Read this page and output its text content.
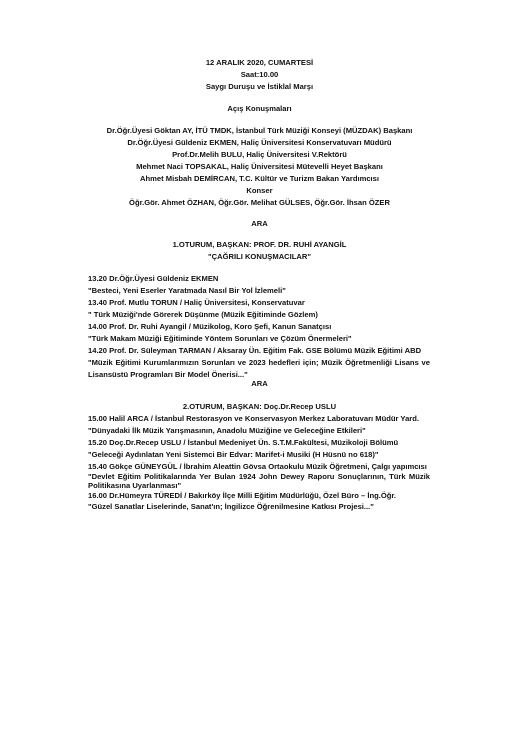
12 ARALIK 2020, CUMARTESİ
Saat:10.00
Saygı Duruşu ve İstiklal Marşı
Açış Konuşmaları
Dr.Öğr.Üyesi Göktan AY, İTÜ TMDK, İstanbul Türk Müziği Konseyi (MÜZDAK) Başkanı
Dr.Öğr.Üyesi Güldeniz EKMEN, Haliç Üniversitesi Konservatuvarı Müdürü
Prof.Dr.Melih BULU, Haliç Üniversitesi V.Rektörü
Mehmet Naci TOPSAKAL, Haliç Üniversitesi Mütevelli Heyet Başkanı
Ahmet Misbah DEMİRCAN, T.C. Kültür ve Turizm Bakan Yardımcısı
Konser
Öğr.Gör. Ahmet ÖZHAN, Öğr.Gör. Melihat GÜLSES, Öğr.Gör. İhsan ÖZER
ARA
1.OTURUM, BAŞKAN: PROF. DR. RUHİ AYANGİL
"ÇAĞRILI KONUŞMACILAR"
13.20 Dr.Öğr.Üyesi Güldeniz EKMEN
"Besteci, Yeni Eserler Yaratmada Nasıl Bir Yol İzlemeli"
13.40 Prof. Mutlu TORUN / Haliç Üniversitesi, Konservatuvar
" Türk Müziği'nde Görerek Düşünme (Müzik Eğitiminde Gözlem)
14.00 Prof. Dr. Ruhi Ayangil / Müzikolog, Koro Şefi, Kanun Sanatçısı
"Türk Makam Müziği Eğitiminde Yöntem Sorunları ve Çözüm Önermeleri"
14.20 Prof. Dr. Süleyman TARMAN / Aksaray Ün. Eğitim Fak. GSE Bölümü Müzik Eğitimi ABD
"Müzik Eğitimi Kurumlarımızın Sorunları ve 2023 hedefleri için; Müzik Öğretmenliği Lisans ve
Lisansüstü Programları Bir Model Önerisi..."
ARA
2.OTURUM, BAŞKAN: Doç.Dr.Recep USLU
15.00 Halil ARCA / İstanbul Restorasyon ve Konservasyon Merkez Laboratuvarı Müdür Yard.
"Dünyadaki İlk Müzik Yarışmasının, Anadolu Müziğine ve Geleceğine Etkileri"
15.20 Doç.Dr.Recep USLU / İstanbul Medeniyet Ün. S.T.M.Fakültesi, Müzikoloji Bölümü
"Geleceği Aydınlatan Yeni Sistemci Bir Edvar: Marifet-i Musiki (H Hüsnü no 618)"
15.40 Gökçe GÜNEYGÜL / İbrahim Aleattin Gövsa Ortaokulu Müzik Öğretmeni, Çalgı yapımcısı
"Devlet Eğitim Politikalarında Yer Bulan 1924 John Dewey Raporu Sonuçlarının, Türk Müzik
Politikasına Uyarlanması"
16.00 Dr.Hümeyra TÜREDİ / Bakırköy İlçe Milli Eğitim Müdürlüğü, Özel Büro – İng.Öğr.
"Güzel Sanatlar Liselerinde, Sanat'ın; İngilizce Öğrenilmesine Katkısı Projesi..."
